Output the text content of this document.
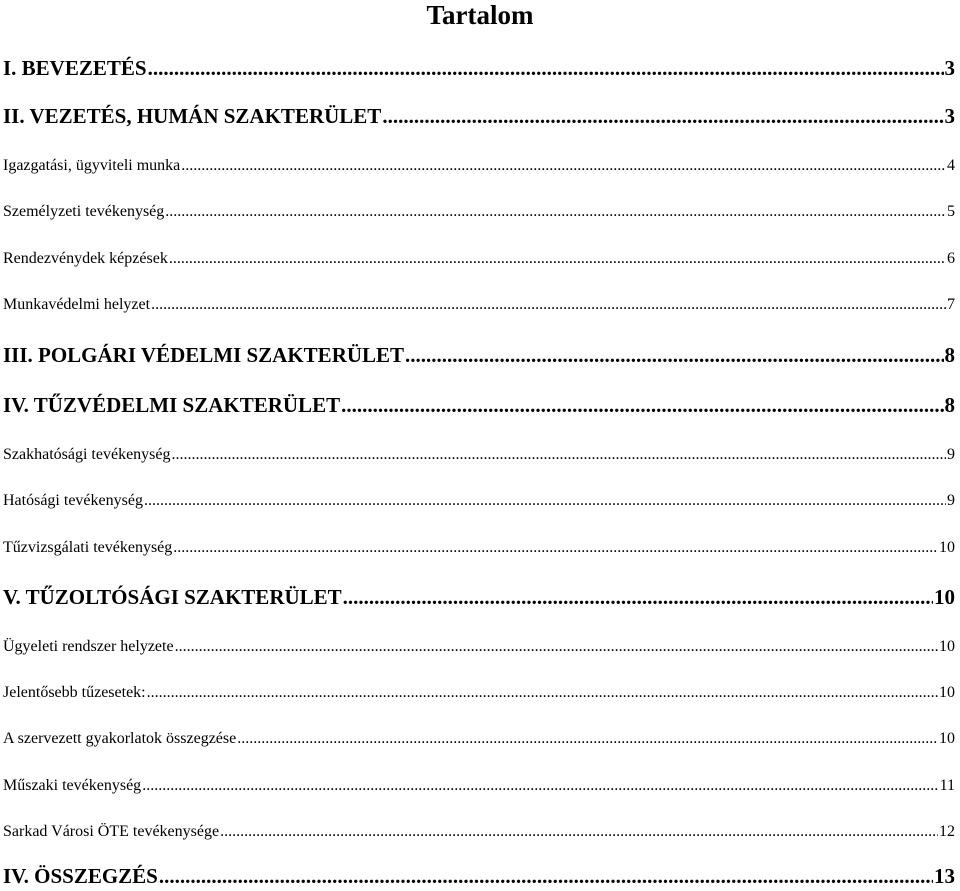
Tartalom
I. BEVEZETÉS .....	3
II. VEZETÉS, HUMÁN SZAKTERÜLET .....	3
Igazgatási, ügyviteli munka .....	4
Személyzeti tevékenység .....	5
Rendezvénydek képzések .....	6
Munkavédelmi helyzet .....	7
III. POLGÁRI VÉDELMI SZAKTERÜLET .....	8
IV. TŰZVÉDELMI SZAKTERÜLET .....	8
Szakhatósági tevékenység .....	9
Hatósági tevékenység .....	9
Tűzvizsgálati tevékenység .....	10
V. TŰZOLTÓSÁGI SZAKTERÜLET .....	10
Ügyeleti rendszer helyzete .....	10
Jelentősebb tűzesetek: .....	10
A szervezett gyakorlatok összegzése .....	10
Műszaki tevékenység .....	11
Sarkad Városi ÖTE tevékenysége .....	12
IV. ÖSSZEGZÉS .....	13
